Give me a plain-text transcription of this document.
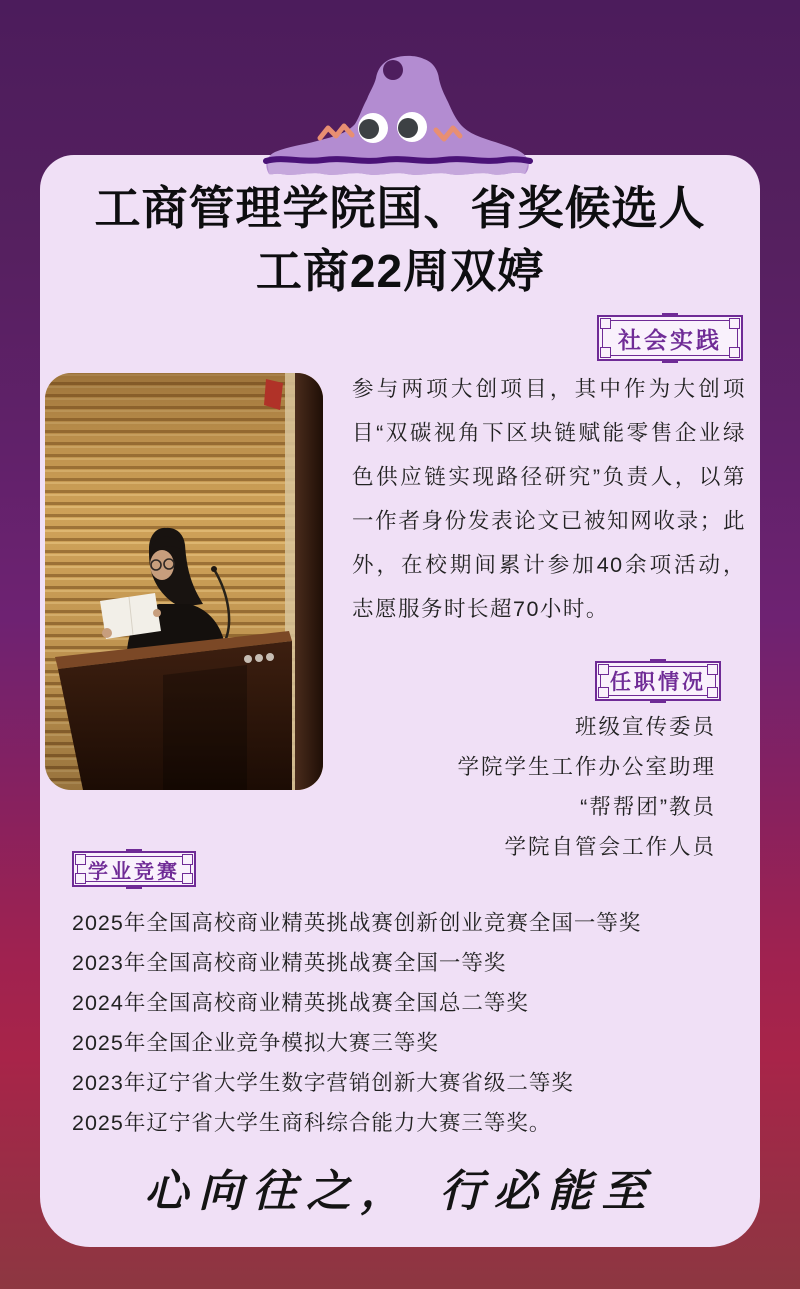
工商管理学院国、省奖候选人
工商22周双婷
社会实践
参与两项大创项目，其中作为大创项目“双碳视角下区块链赋能零售企业绿色供应链实现路径研究”负责人，以第一作者身份发表论文已被知网收录；此外，在校期间累计参加40余项活动，志愿服务时长超70小时。
任职情况
班级宣传委员
学院学生工作办公室助理
“帮帮团”教员
学院自管会工作人员
学业竞赛
2025年全国高校商业精英挑战赛创新创业竞赛全国一等奖
2023年全国高校商业精英挑战赛全国一等奖
2024年全国高校商业精英挑战赛全国总二等奖
2025年全国企业竞争模拟大赛三等奖
2023年辽宁省大学生数字营销创新大赛省级二等奖
2025年辽宁省大学生商科综合能力大赛三等奖。
心向往之， 行必能至
